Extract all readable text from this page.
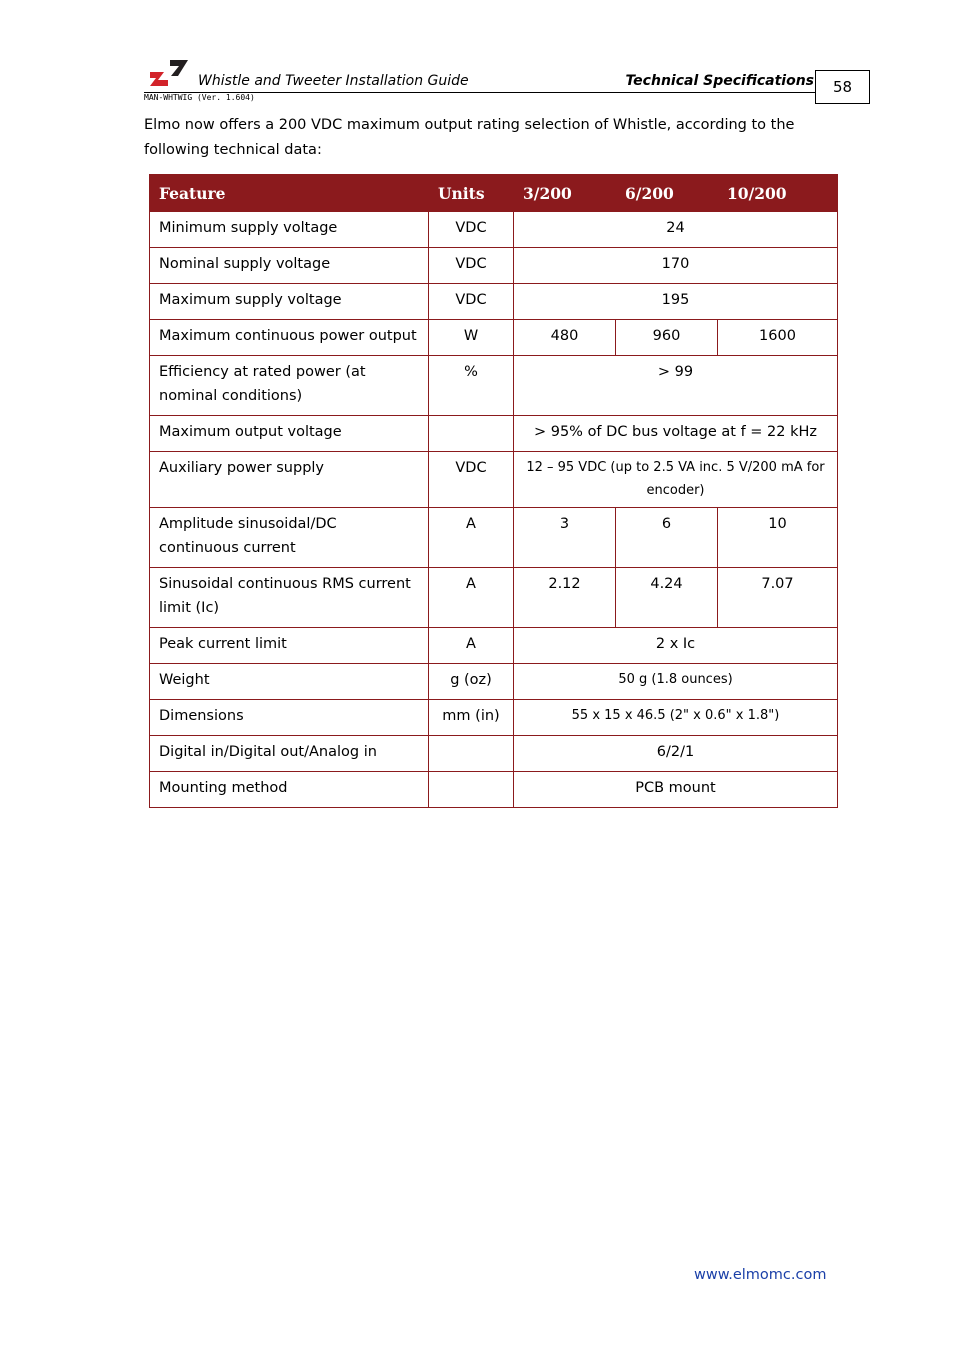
Whistle and Tweeter Installation Guide	Technical Specifications
MAN-WHTWIG (Ver. 1.604)
58
Elmo now offers a 200 VDC maximum output rating selection of Whistle, according to the following technical data:
Feature	Units	3/200	6/200	10/200
Minimum supply voltage	VDC	24		
Nominal supply voltage	VDC	170		
Maximum supply voltage	VDC	195		
Maximum continuous power output	W	480	960	1600
Efficiency at rated power (at nominal conditions)	%	> 99		
Maximum output voltage		> 95% of DC bus voltage at f = 22 kHz		
Auxiliary power supply	VDC	12 – 95 VDC (up to 2.5 VA inc. 5 V/200 mA for encoder)		
Amplitude sinusoidal/DC continuous current	A	3	6	10
Sinusoidal continuous RMS current limit (Ic)	A	2.12	4.24	7.07
Peak current limit	A	2 x Ic		
Weight	g (oz)	50 g (1.8 ounces)		
Dimensions	mm (in)	55 x 15 x 46.5 (2" x 0.6" x 1.8")		
Digital in/Digital out/Analog in		6/2/1		
Mounting method		PCB mount		
www.elmomc.com
